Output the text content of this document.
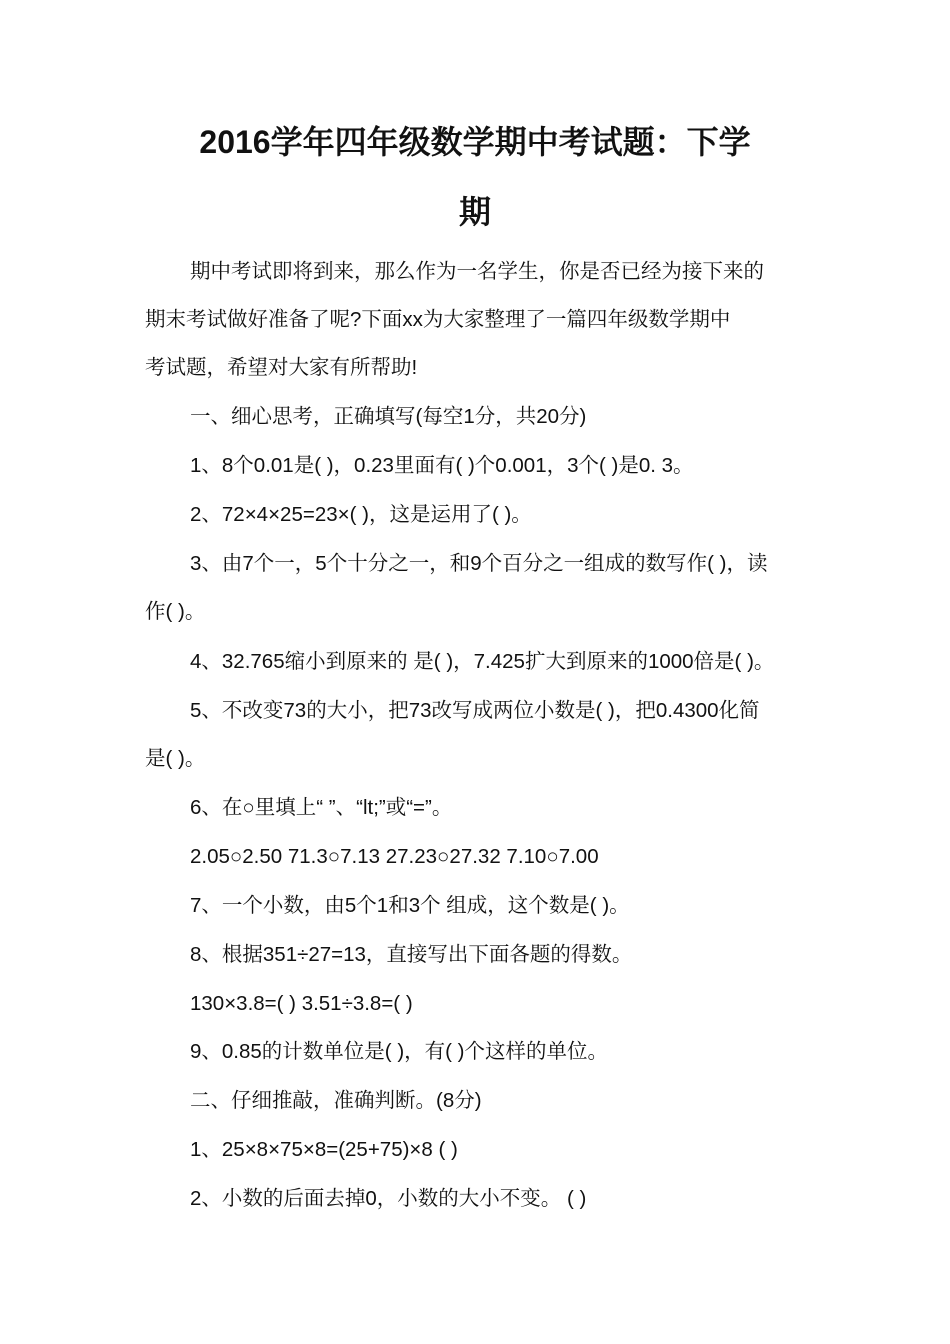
2016学年四年级数学期中考试题：下学
期

期中考试即将到来，那么作为一名学生，你是否已经为接下来的

期末考试做好准备了呢?下面xx为大家整理了一篇四年级数学期中

考试题，希望对大家有所帮助!

一、细心思考，正确填写(每空1分，共20分)

1、8个0.01是( )，0.23里面有( )个0.001，3个( )是0. 3。

2、72×4×25=23×( )，这是运用了( )。

3、由7个一，5个十分之一，和9个百分之一组成的数写作( )，读

作( )。

4、32.765缩小到原来的 是( )，7.425扩大到原来的1000倍是( )。

5、不改变73的大小，把73改写成两位小数是( )，把0.4300化简

是( )。

6、在○里填上“ ”、“lt;”或“=”。

2.05○2.50 71.3○7.13 27.23○27.32 7.10○7.00

7、一个小数，由5个1和3个 组成，这个数是( )。

8、根据351÷27=13，直接写出下面各题的得数。

130×3.8=( ) 3.51÷3.8=( )

9、0.85的计数单位是( )，有( )个这样的单位。

二、仔细推敲，准确判断。(8分)

1、25×8×75×8=(25+75)×8 ( )

2、小数的后面去掉0，小数的大小不变。 ( )
